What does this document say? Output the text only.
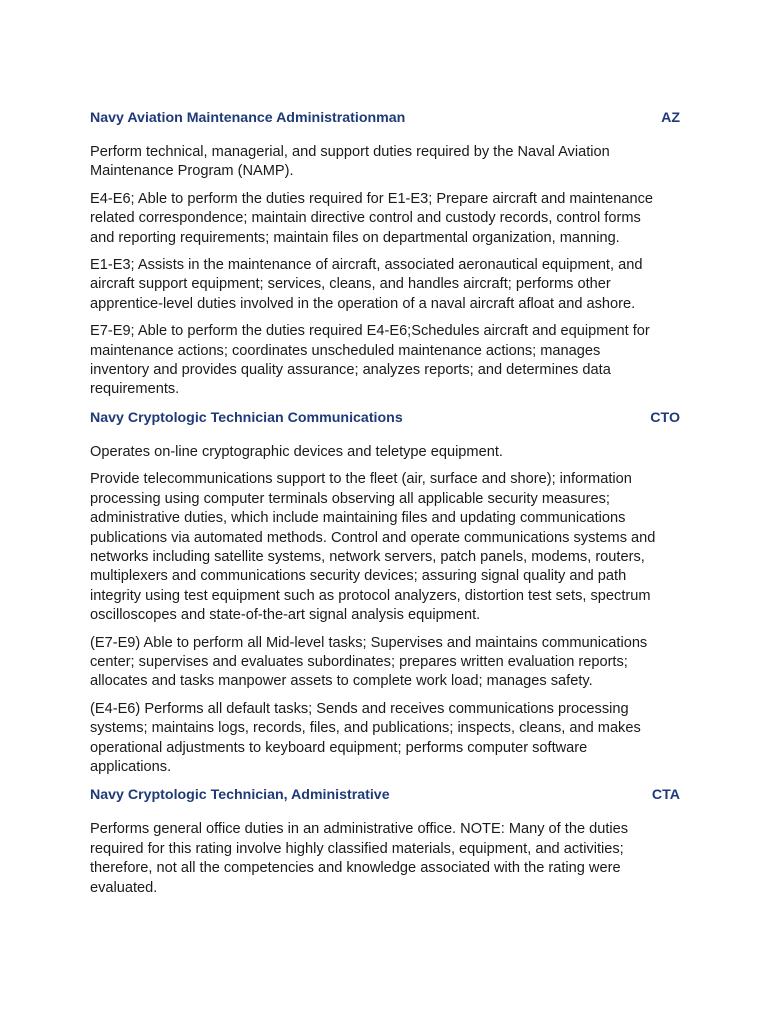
Navy Aviation Maintenance Administrationman	AZ

Perform technical, managerial, and support duties required by the Naval Aviation
Maintenance Program (NAMP).

E4-E6; Able to perform the duties required for E1-E3; Prepare aircraft and maintenance
related correspondence; maintain directive control and custody records, control forms
and reporting requirements; maintain files on departmental organization, manning.

E1-E3; Assists in the maintenance of aircraft, associated aeronautical equipment, and
aircraft support equipment; services, cleans, and handles aircraft; performs other
apprentice-level duties involved in the operation of a naval aircraft afloat and ashore.

E7-E9; Able to perform the duties required E4-E6;Schedules aircraft and equipment for
maintenance actions; coordinates unscheduled maintenance actions; manages
inventory and provides quality assurance; analyzes reports; and determines data
requirements.

Navy Cryptologic Technician Communications	CTO

Operates on-line cryptographic devices and teletype equipment.

Provide telecommunications support to the fleet (air, surface and shore); information
processing using computer terminals observing all applicable security measures;
administrative duties, which include maintaining files and updating communications
publications via automated methods. Control and operate communications systems and
networks including satellite systems, network servers, patch panels, modems, routers,
multiplexers and communications security devices; assuring signal quality and path
integrity using test equipment such as protocol analyzers, distortion test sets, spectrum
oscilloscopes and state-of-the-art signal analysis equipment.

(E7-E9) Able to perform all Mid-level tasks; Supervises and maintains communications
center; supervises and evaluates subordinates; prepares written evaluation reports;
allocates and tasks manpower assets to complete work load; manages safety.

(E4-E6) Performs all default tasks; Sends and receives communications processing
systems; maintains logs, records, files, and publications; inspects, cleans, and makes
operational adjustments to keyboard equipment; performs computer software
applications.

Navy Cryptologic Technician, Administrative	CTA

Performs general office duties in an administrative office. NOTE: Many of the duties
required for this rating involve highly classified materials, equipment, and activities;
therefore, not all the competencies and knowledge associated with the rating were
evaluated.
